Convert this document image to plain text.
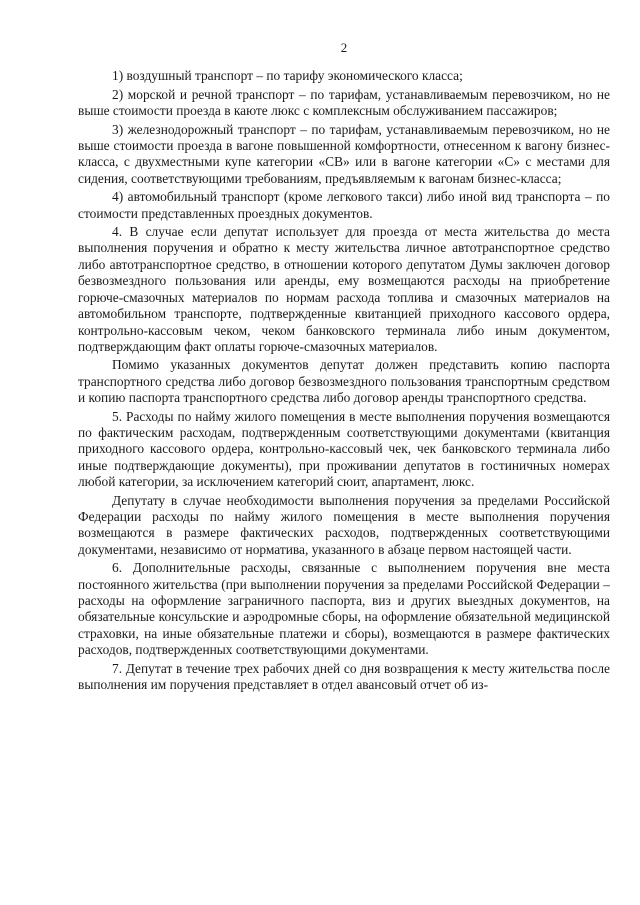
2

1) воздушный транспорт – по тарифу экономического класса;

2) морской и речной транспорт – по тарифам, устанавливаемым перевозчиком, но не выше стоимости проезда в каюте люкс с комплексным обслуживанием пассажиров;

3) железнодорожный транспорт – по тарифам, устанавливаемым перевозчиком, но не выше стоимости проезда в вагоне повышенной комфортности, отнесенном к вагону бизнес-класса, с двухместными купе категории «СВ» или в вагоне категории «С» с местами для сидения, соответствующими требованиям, предъявляемым к вагонам бизнес-класса;

4) автомобильный транспорт (кроме легкового такси) либо иной вид транспорта – по стоимости представленных проездных документов.

4. В случае если депутат использует для проезда от места жительства до места выполнения поручения и обратно к месту жительства личное автотранспортное средство либо автотранспортное средство, в отношении которого депутатом Думы заключен договор безвозмездного пользования или аренды, ему возмещаются расходы на приобретение горюче-смазочных материалов по нормам расхода топлива и смазочных материалов на автомобильном транспорте, подтвержденные квитанцией приходного кассового ордера, контрольно-кассовым чеком, чеком банковского терминала либо иным документом, подтверждающим факт оплаты горюче-смазочных материалов.

Помимо указанных документов депутат должен представить копию паспорта транспортного средства либо договор безвозмездного пользования транспортным средством и копию паспорта транспортного средства либо договор аренды транспортного средства.

5. Расходы по найму жилого помещения в месте выполнения поручения возмещаются по фактическим расходам, подтвержденным соответствующими документами (квитанция приходного кассового ордера, контрольно-кассовый чек, чек банковского терминала либо иные подтверждающие документы), при проживании депутатов в гостиничных номерах любой категории, за исключением категорий сюит, апартамент, люкс.

Депутату в случае необходимости выполнения поручения за пределами Российской Федерации расходы по найму жилого помещения в месте выполнения поручения возмещаются в размере фактических расходов, подтвержденных соответствующими документами, независимо от норматива, указанного в абзаце первом настоящей части.

6. Дополнительные расходы, связанные с выполнением поручения вне места постоянного жительства (при выполнении поручения за пределами Российской Федерации – расходы на оформление заграничного паспорта, виз и других выездных документов, на обязательные консульские и аэродромные сборы, на оформление обязательной медицинской страховки, на иные обязательные платежи и сборы), возмещаются в размере фактических расходов, подтвержденных соответствующими документами.

7. Депутат в течение трех рабочих дней со дня возвращения к месту жительства после выполнения им поручения представляет в отдел авансовый отчет об из-
